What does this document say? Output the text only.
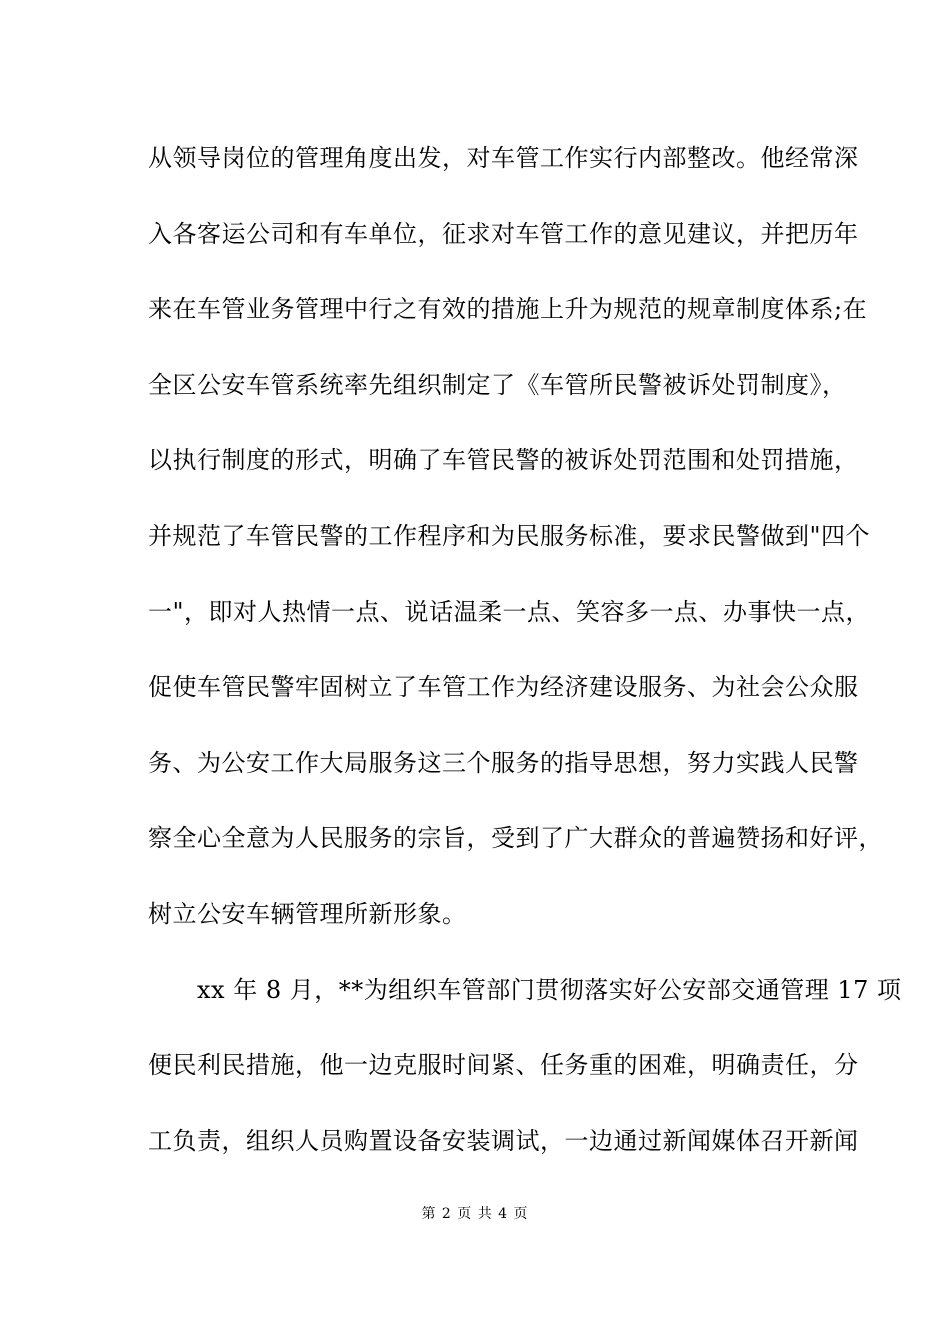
从领导岗位的管理角度出发，对车管工作实行内部整改。他经常深
入各客运公司和有车单位，征求对车管工作的意见建议，并把历年
来在车管业务管理中行之有效的措施上升为规范的规章制度体系;在
全区公安车管系统率先组织制定了《车管所民警被诉处罚制度》，
以执行制度的形式，明确了车管民警的被诉处罚范围和处罚措施，
并规范了车管民警的工作程序和为民服务标准，要求民警做到"四个
一"，即对人热情一点、说话温柔一点、笑容多一点、办事快一点，
促使车管民警牢固树立了车管工作为经济建设服务、为社会公众服
务、为公安工作大局服务这三个服务的指导思想，努力实践人民警
察全心全意为人民服务的宗旨，受到了广大群众的普遍赞扬和好评，
树立公安车辆管理所新形象。
　　xx 年 8 月，**为组织车管部门贯彻落实好公安部交通管理 17 项
便民利民措施，他一边克服时间紧、任务重的困难，明确责任，分
工负责，组织人员购置设备安装调试，一边通过新闻媒体召开新闻
第 2 页 共 4 页
